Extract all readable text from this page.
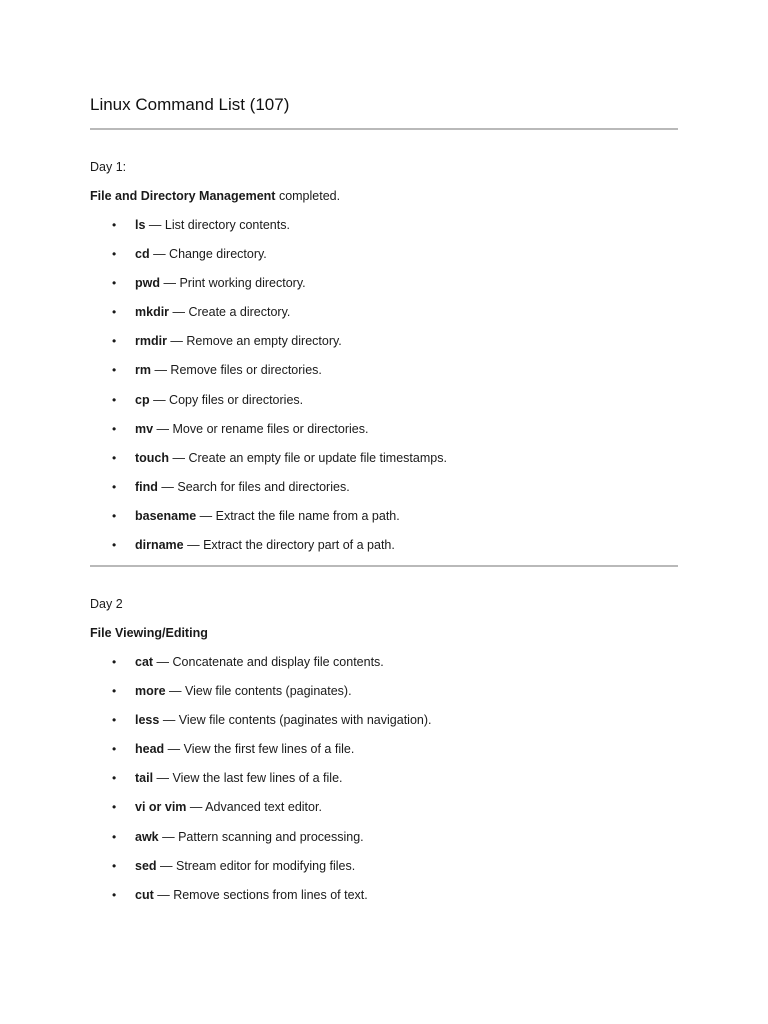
Linux Command List (107)

Day 1:

File and Directory Management completed.

• ls — List directory contents.
• cd — Change directory.
• pwd — Print working directory.
• mkdir — Create a directory.
• rmdir — Remove an empty directory.
• rm — Remove files or directories.
• cp — Copy files or directories.
• mv — Move or rename files or directories.
• touch — Create an empty file or update file timestamps.
• find — Search for files and directories.
• basename — Extract the file name from a path.
• dirname — Extract the directory part of a path.

Day 2

File Viewing/Editing

• cat — Concatenate and display file contents.
• more — View file contents (paginates).
• less — View file contents (paginates with navigation).
• head — View the first few lines of a file.
• tail — View the last few lines of a file.
• vi or vim — Advanced text editor.
• awk — Pattern scanning and processing.
• sed — Stream editor for modifying files.
• cut — Remove sections from lines of text.
